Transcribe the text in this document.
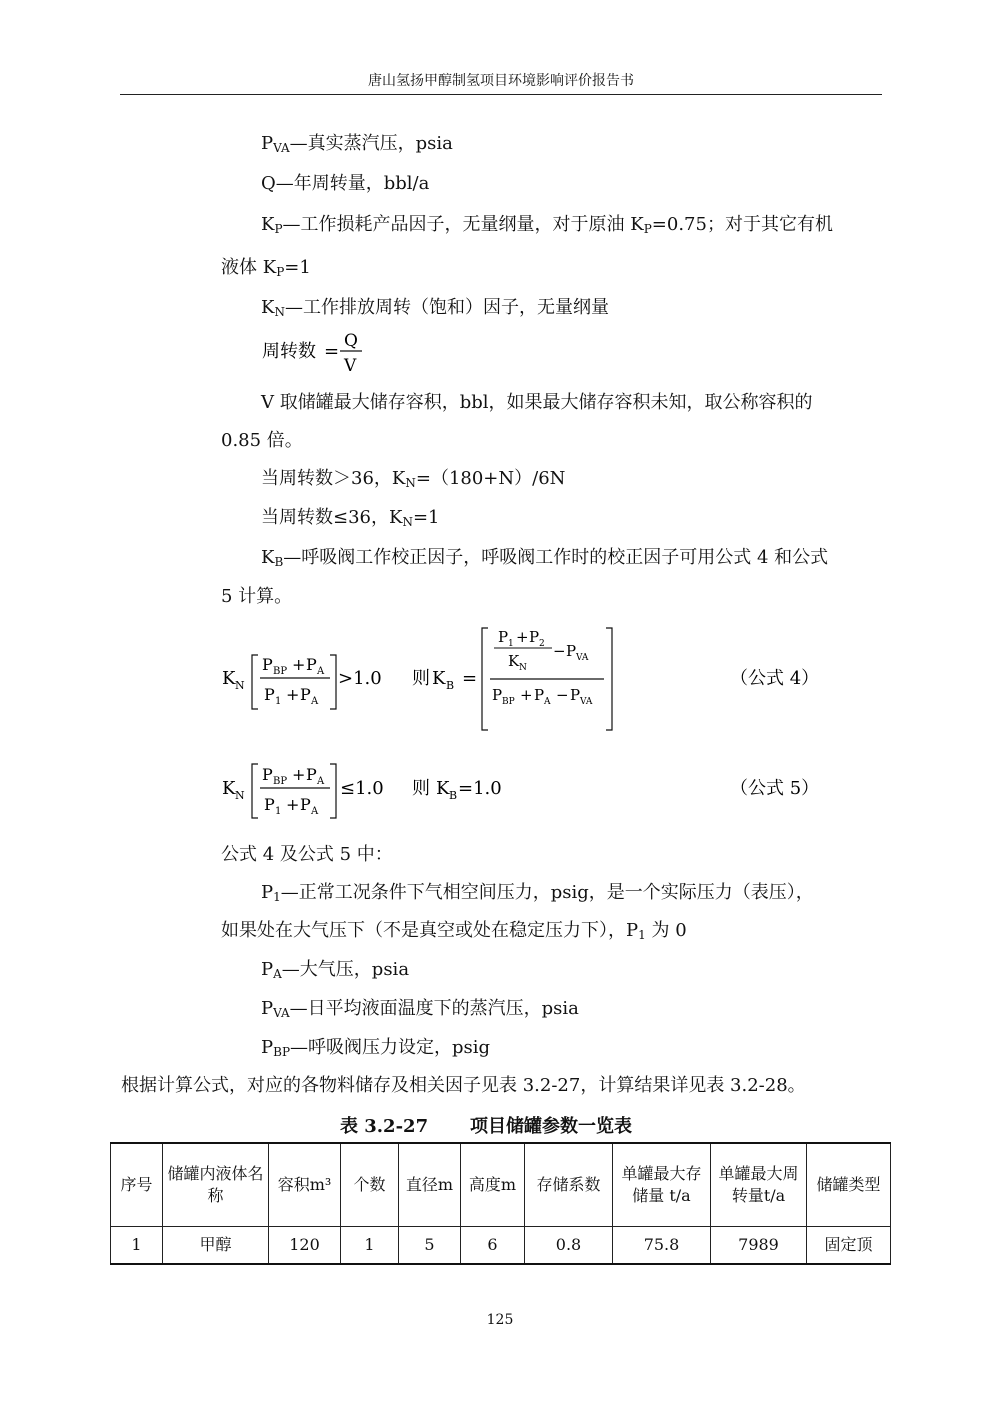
唐山氢扬甲醇制氢项目环境影响评价报告书
$P_{VA}—$真实蒸汽压，psia
Q—年周转量，bbl/a
$K_P—$工作损耗产品因子，无量纲量，对于原油 $K_P=0.75$；对于其它有机
液体 $K_P=1$
$K_N—$工作排放周转（饱和）因子，无量纲量
周转数 = Q
V
V 取储罐最大储存容积，bbl，如果最大储存容积未知，取公称容积的
0.85 倍。
当周转数＞36，$K_N=(180+N)/6N$
当周转数≤36，$K_N=1$
$K_B—$呼吸阀工作校正因子，呼吸阀工作时的校正因子可用公式 4 和公式
5 计算。
K N
P BP + P A
P 1 + P A
>1.0 则 K B =
P 1 + P 2
K N
− P VA
P BP + P A − P VA
（公式 4）
K N
P BP + P A
P 1 + P A
≤1.0 则 K B =1.0	（公式 5）
公式 4 及公式 5 中：
$P_1—$正常工况条件下气相空间压力，psig，是一个实际压力（表压），
如果处在大气压下（不是真空或处在稳定压力下），$P_1$ 为 0
$P_A—$大气压，psia
$P_{VA}—$日平均液面温度下的蒸汽压，psia
$P_{BP}—$呼吸阀压力设定，psig
根据计算公式，对应的各物料储存及相关因子见表 3.2-27，计算结果详见表 3.2-28。
表 3.2-27 项目储罐参数一览表
序号	储罐内液体名称	容积m³	个数	直径m	高度m	存储系数	单罐最大存储量 t/a	单罐最大周转量t/a	储罐类型
1	甲醇	120	1	5	6	0.8	75.8	7989	固定顶
125
